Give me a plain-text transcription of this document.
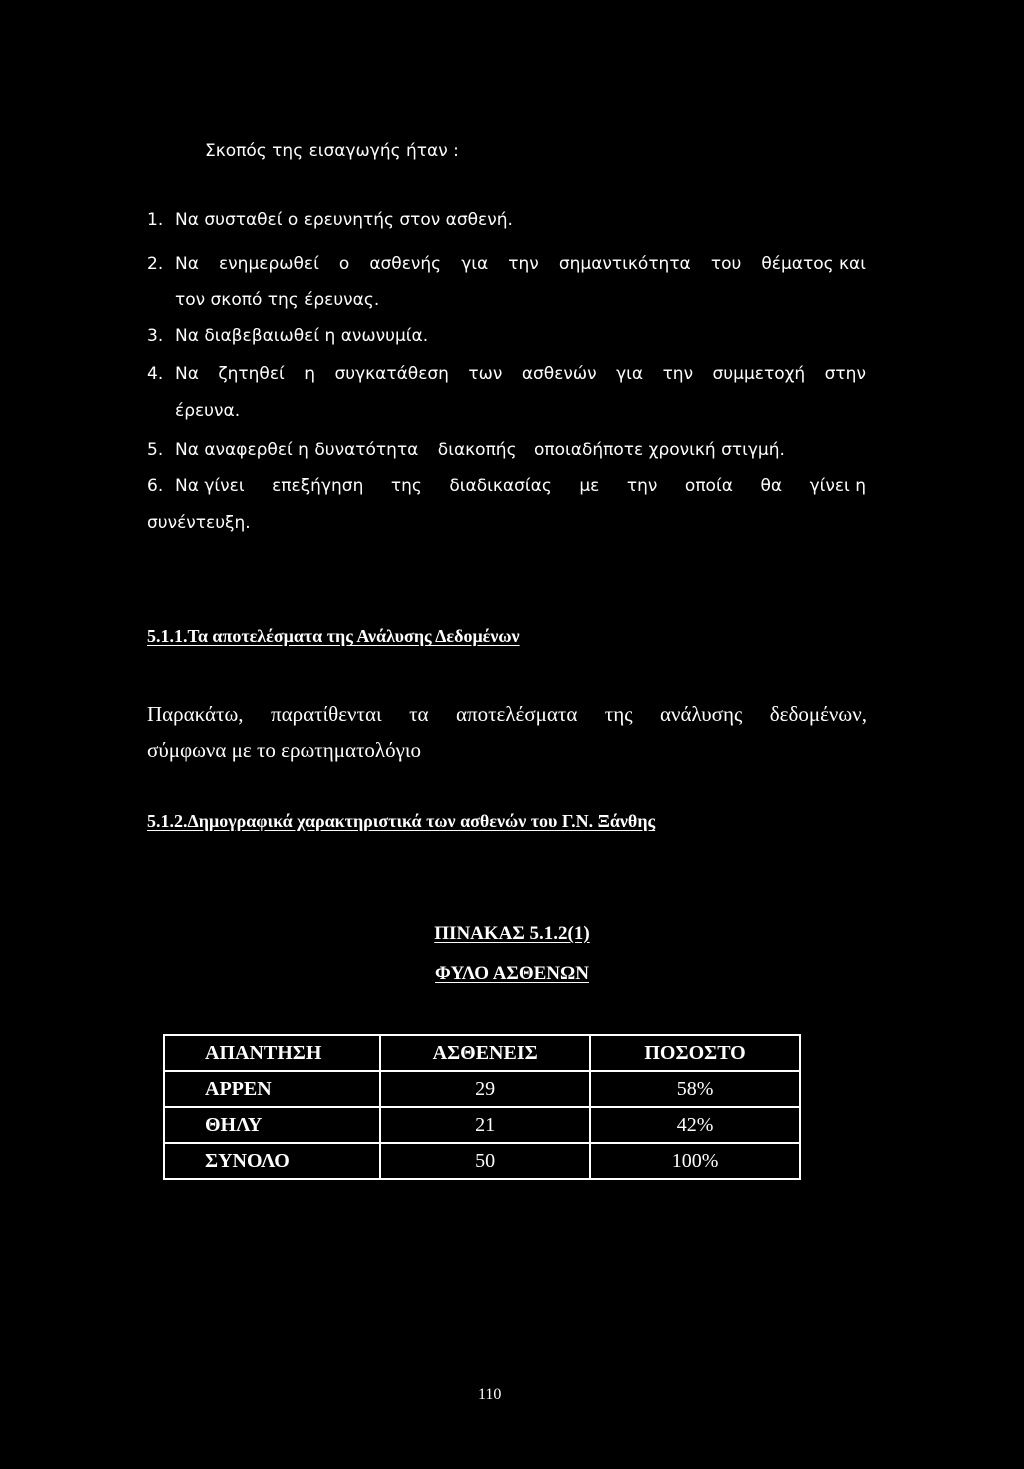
Σκοπός της εισαγωγής ήταν :
1. Να συσταθεί ο ερευνητής στον ασθενή.
2. Να ενημερωθεί ο ασθενής για την σημαντικότητα του θέματος και
τον σκοπό της έρευνας.
3. Να διαβεβαιωθεί η ανωνυμία.
4. Να ζητηθεί η συγκατάθεση των ασθενών για την συμμετοχή στην
έρευνα.
5. Να αναφερθεί η δυνατότητα διακοπής οποιαδήποτε χρονική στιγμή.
6. Να γίνει επεξήγηση της διαδικασίας με την οποία θα γίνει η
συνέντευξη.
5.1.1.Τα αποτελέσματα της Ανάλυσης Δεδομένων
Παρακάτω, παρατίθενται τα αποτελέσματα της ανάλυσης δεδομένων,
σύμφωνα με το ερωτηματολόγιο
5.1.2.Δημογραφικά χαρακτηριστικά των ασθενών του Γ.Ν. Ξάνθης
ΠΙΝΑΚΑΣ 5.1.2(1)
ΦΥΛΟ ΑΣΘΕΝΩΝ
ΑΠΑΝΤΗΣΗ	ΑΣΘΕΝΕΙΣ	ΠΟΣΟΣΤΟ
ΑΡΡΕΝ	29	58%
ΘΗΛΥ	21	42%
ΣΥΝΟΛΟ	50	100%
110
